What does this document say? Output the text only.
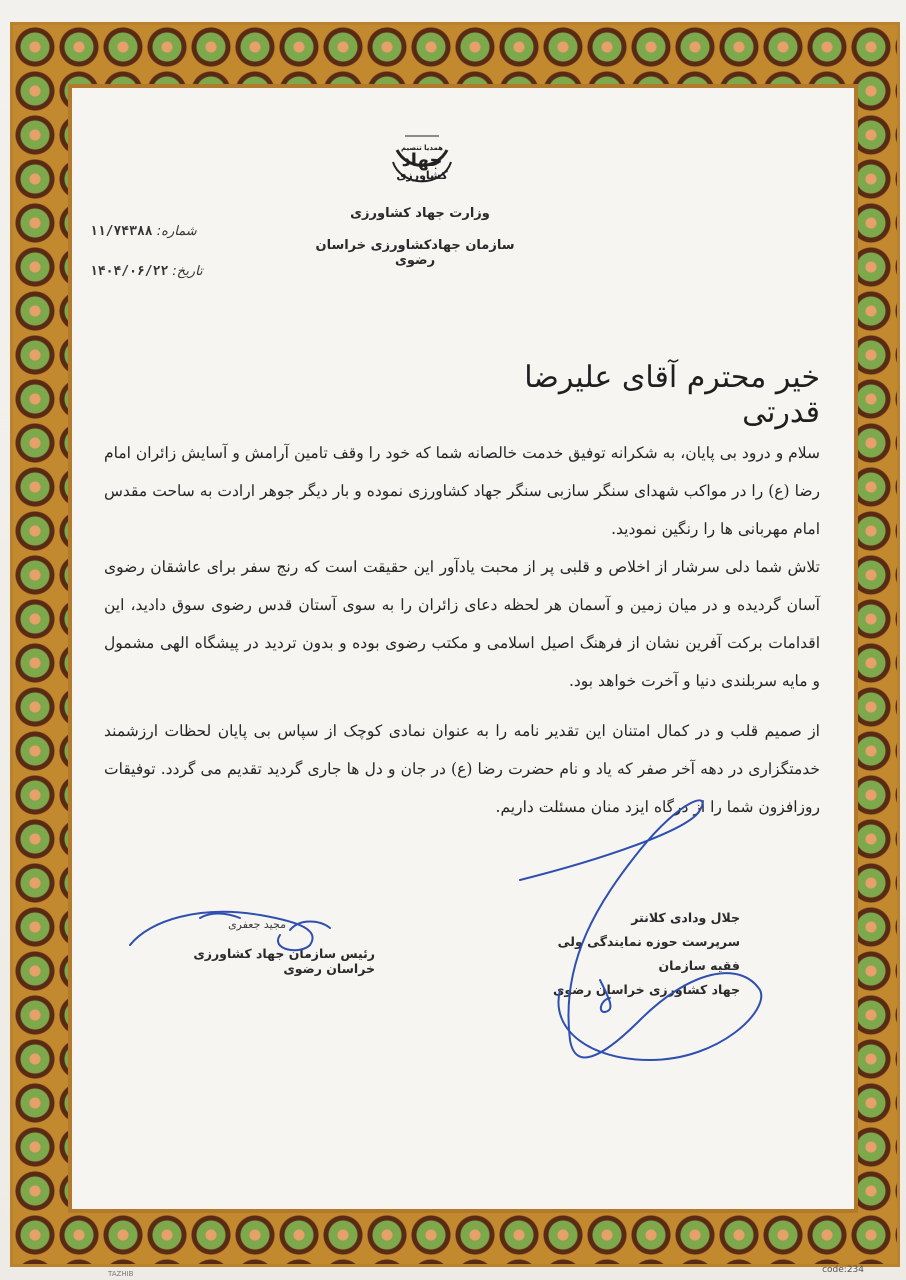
همدیا تنصیم
جهاد
کشاورزی
وزارت جهاد کشاورزی
سازمان جهادکشاورزی خراسان رضوی
۱۱/۷۴۳۸۸ شماره:
۱۴۰۴/۰۶/۲۲ تاریخ:
خیر محترم آقای علیرضا قدرتی
سلام و درود بی پایان، به شکرانه توفیق خدمت خالصانه شما که خود را وقف تامین آرامش و آسایش زائران امام رضا (ع) را در مواکب شهدای سنگر سازبی سنگر جهاد کشاورزی نموده و بار دیگر جوهر ارادت به ساحت مقدس امام مهربانی ها را رنگین نمودید.
تلاش شما دلی سرشار از اخلاص و قلبی پر از محبت یادآور این حقیقت است که رنج سفر برای عاشقان رضوی آسان گردیده و در میان زمین و آسمان هر لحظه دعای زائران را به سوی آستان قدس رضوی سوق دادید، این اقدامات برکت آفرین نشان از فرهنگ اصیل اسلامی و مکتب رضوی بوده و بدون تردید در پیشگاه الهی مشمول و مایه سربلندی دنیا و آخرت خواهد بود.
از صمیم قلب و در کمال امتنان این تقدیر نامه را به عنوان نمادی کوچک از سپاس بی پایان لحظات ارزشمند خدمتگزاری در دهه آخر صفر که یاد و نام حضرت رضا (ع) در جان و دل ها جاری گردید تقدیم می گردد. توفیقات روزافزون شما را از درگاه ایزد منان مسئلت داریم.
مجید جعفری
رئیس سازمان جهاد کشاورزی خراسان رضوی
جلال ودادی کلانتر
سرپرست حوزه نمایندگی ولی فقیه سازمان
جهاد کشاورزی خراسان رضوی
code:234
TAZHIB
